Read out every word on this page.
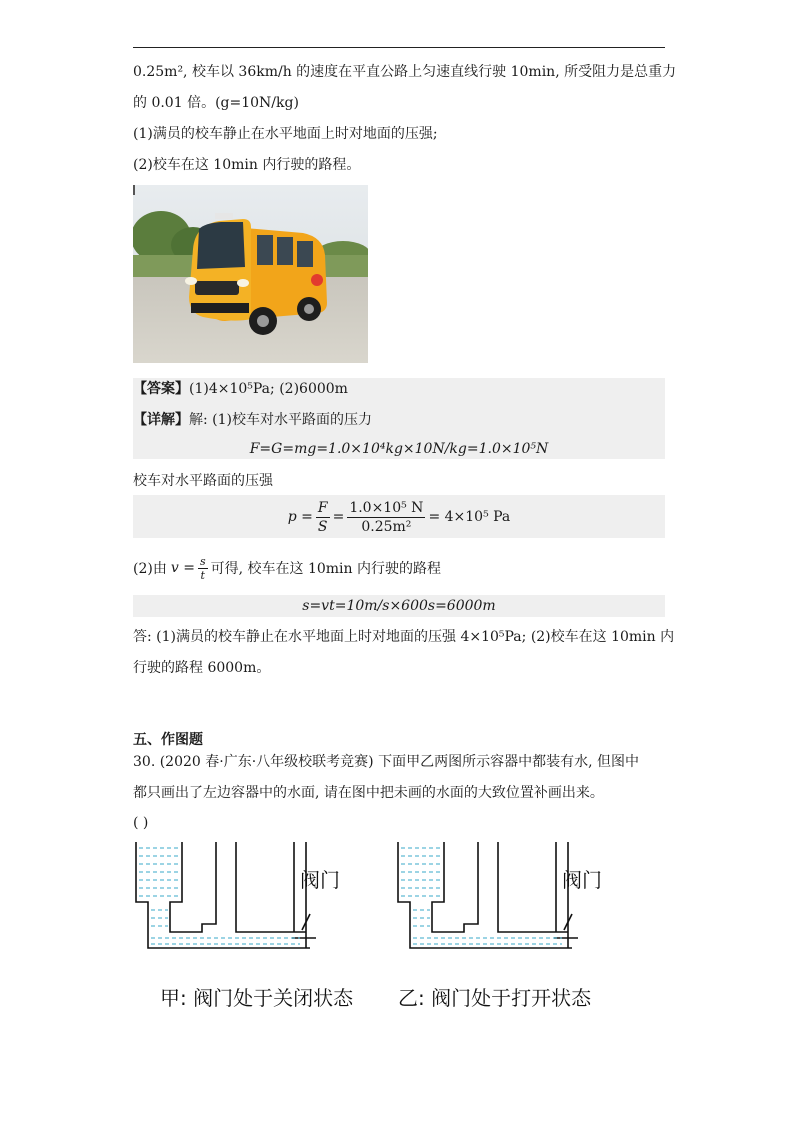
0.25m², 校车以 36km/h 的速度在平直公路上匀速直线行驶 10min, 所受阻力是总重力
的 0.01 倍。(g=10N/kg)
(1)满员的校车静止在水平地面上时对地面的压强;
(2)校车在这 10min 内行驶的路程。
【答案】(1)4×10⁵Pa; (2)6000m
【详解】解: (1)校车对水平路面的压力
F=G=mg=1.0×10⁴kg×10N/kg=1.0×10⁵N
校车对水平路面的压强
$p = \frac{F}{S} = \frac{\text{1.0×10⁵ N}}{\text{0.25m²}} = 4\times 10^5$ Pa
(2)由 $v = \frac{s}{t}$ 可得, 校车在这 10min 内行驶的路程
s=vt=10m/s×600s=6000m
答: (1)满员的校车静止在水平地面上时对地面的压强 4×10⁵Pa; (2)校车在这 10min 内
行驶的路程 6000m。
五、作图题
30. (2020 春·广东·八年级校联考竞赛) 下面甲乙两图所示容器中都装有水, 但图中
都只画出了左边容器中的水面, 请在图中把未画的水面的大致位置补画出来。
( )
阀门	阀门
甲: 阀门处于关闭状态 乙: 阀门处于打开状态
